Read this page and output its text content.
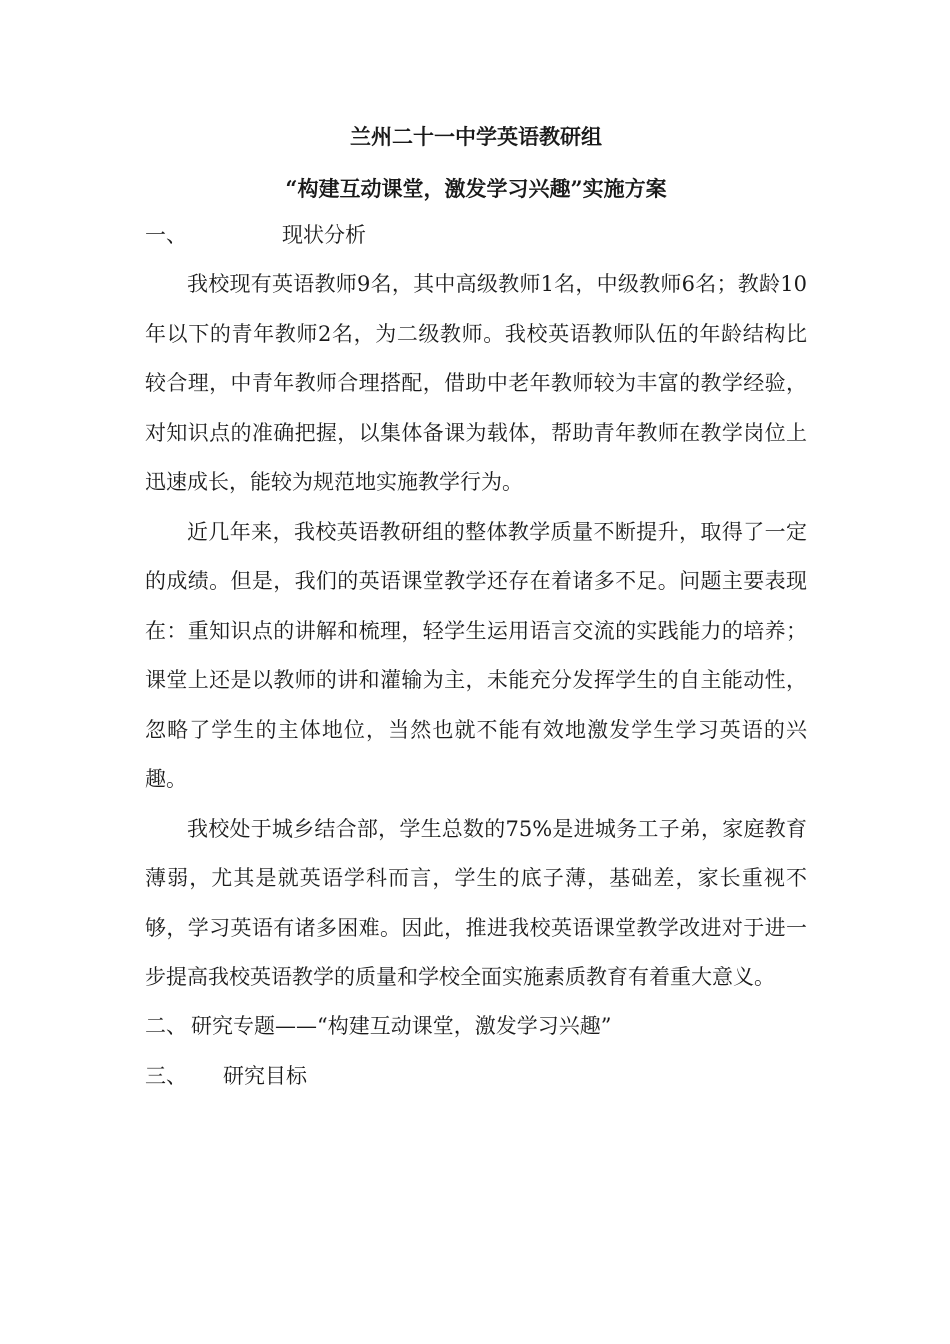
兰州二十一中学英语教研组

“构建互动课堂，激发学习兴趣”实施方案

一、	现状分析

我校现有英语教师9名，其中高级教师1名，中级教师6名；教龄10年以下的青年教师2名，为二级教师。我校英语教师队伍的年龄结构比较合理，中青年教师合理搭配，借助中老年教师较为丰富的教学经验，对知识点的准确把握，以集体备课为载体，帮助青年教师在教学岗位上迅速成长，能较为规范地实施教学行为。

近几年来，我校英语教研组的整体教学质量不断提升，取得了一定的成绩。但是，我们的英语课堂教学还存在着诸多不足。问题主要表现在：重知识点的讲解和梳理，轻学生运用语言交流的实践能力的培养；课堂上还是以教师的讲和灌输为主，未能充分发挥学生的自主能动性，忽略了学生的主体地位，当然也就不能有效地激发学生学习英语的兴趣。

我校处于城乡结合部，学生总数的75%是进城务工子弟，家庭教育薄弱，尤其是就英语学科而言，学生的底子薄，基础差，家长重视不够，学习英语有诸多困难。因此，推进我校英语课堂教学改进对于进一步提高我校英语教学的质量和学校全面实施素质教育有着重大意义。

二、 研究专题——“构建互动课堂，激发学习兴趣”
三、 研究目标
